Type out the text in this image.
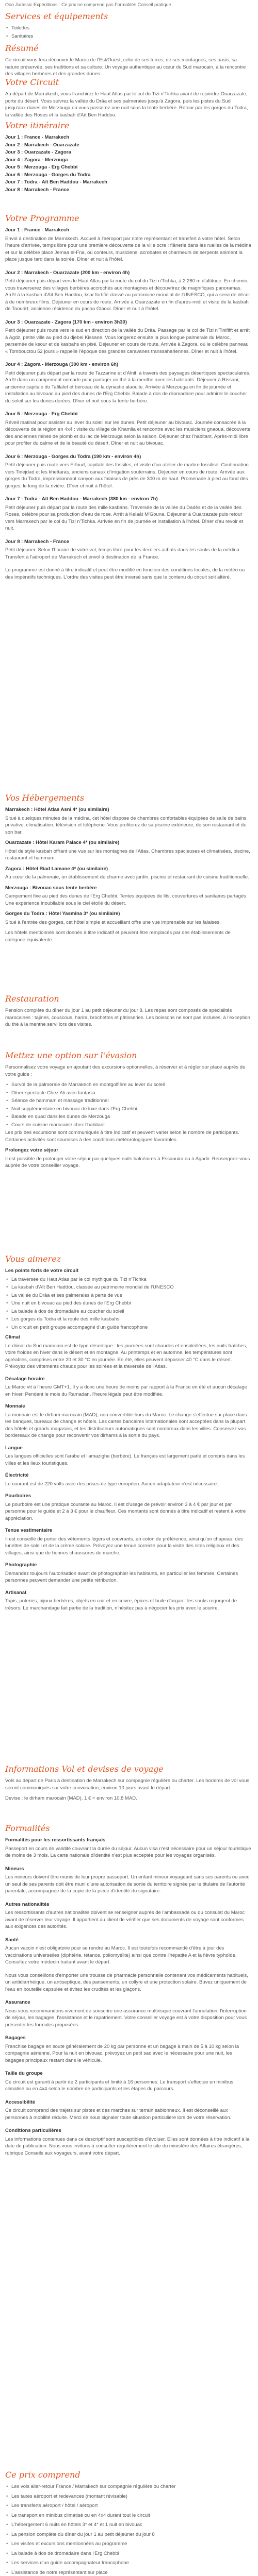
Ooo Jurassic Expéditions : Ce prix ne comprend pas Formalités Conseil pratique
Services et équipements
• Toilettes
• Sanitaires
Résumé
Ce circuit vous fera découvrir le Maroc de l'Est/Ouest, celui de ses terres, de ses montagnes, ses oasis, sa nature préservée, ses traditions et sa culture. Un voyage authentique au cœur du Sud marocain, à la rencontre des villages berbères et des grandes dunes.
Votre Circuit
Au départ de Marrakech, vous franchirez le Haut Atlas par le col du Tizi n'Tichka avant de rejoindre Ouarzazate, porte du désert. Vous suivrez la vallée du Drâa et ses palmeraies jusqu'à Zagora, puis les pistes du Sud jusqu'aux dunes de Merzouga où vous passerez une nuit sous la tente berbère. Retour par les gorges du Todra, la vallée des Roses et la kasbah d'Aït Ben Haddou.
Votre itinéraire
Jour 1 : France - Marrakech
Jour 2 : Marrakech - Ouarzazate
Jour 3 : Ouarzazate - Zagora
Jour 4 : Zagora - Merzouga
Jour 5 : Merzouga - Erg Chebbi
Jour 6 : Merzouga - Gorges du Todra
Jour 7 : Todra - Aït Ben Haddou - Marrakech
Jour 8 : Marrakech - France
Votre Programme
Jour 1 : France - Marrakech
Envol à destination de Marrakech. Accueil à l'aéroport par notre représentant et transfert à votre hôtel. Selon l'heure d'arrivée, temps libre pour une première découverte de la ville ocre : flânerie dans les ruelles de la médina et sur la célèbre place Jemaa el-Fna, où conteurs, musiciens, acrobates et charmeurs de serpents animent la place jusque tard dans la soirée. Dîner et nuit à l'hôtel.
Jour 2 : Marrakech - Ouarzazate (200 km - environ 4h)
Petit déjeuner puis départ vers le Haut Atlas par la route du col du Tizi n'Tichka, à 2 260 m d'altitude. En chemin, vous traverserez des villages berbères accrochés aux montagnes et découvrirez de magnifiques panoramas. Arrêt à la kasbah d'Aït Ben Haddou, ksar fortifié classé au patrimoine mondial de l'UNESCO, qui a servi de décor à de nombreux films. Déjeuner en cours de route. Arrivée à Ouarzazate en fin d'après-midi et visite de la kasbah de Taourirt, ancienne résidence du pacha Glaoui. Dîner et nuit à l'hôtel.
Jour 3 : Ouarzazate - Zagora (170 km - environ 3h30)
Petit déjeuner puis route vers le sud en direction de la vallée du Drâa. Passage par le col de Tizi n'Tinififft et arrêt à Agdz, petite ville au pied du djebel Kissane. Vous longerez ensuite la plus longue palmeraie du Maroc, parsemée de ksour et de kasbahs en pisé. Déjeuner en cours de route. Arrivée à Zagora, où le célèbre panneau « Tombouctou 52 jours » rappelle l'époque des grandes caravanes transsahariennes. Dîner et nuit à l'hôtel.
Jour 4 : Zagora - Merzouga (300 km - environ 6h)
Petit déjeuner puis départ par la route de Tazzarine et d'Alnif, à travers des paysages désertiques spectaculaires. Arrêt dans un campement nomade pour partager un thé à la menthe avec les habitants. Déjeuner à Rissani, ancienne capitale du Tafilalet et berceau de la dynastie alaouite. Arrivée à Merzouga en fin de journée et installation au bivouac au pied des dunes de l'Erg Chebbi. Balade à dos de dromadaire pour admirer le coucher du soleil sur les dunes dorées. Dîner et nuit sous la tente berbère.
Jour 5 : Merzouga - Erg Chebbi
Réveil matinal pour assister au lever du soleil sur les dunes. Petit déjeuner au bivouac. Journée consacrée à la découverte de la région en 4x4 : visite du village de Khamlia et rencontre avec les musiciens gnaoua, découverte des anciennes mines de plomb et du lac de Merzouga selon la saison. Déjeuner chez l'habitant. Après-midi libre pour profiter du calme et de la beauté du désert. Dîner et nuit au bivouac.
Jour 6 : Merzouga - Gorges du Todra (190 km - environ 4h)
Petit déjeuner puis route vers Erfoud, capitale des fossiles, et visite d'un atelier de marbre fossilisé. Continuation vers Tinejdad et les khettaras, anciens canaux d'irrigation souterrains. Déjeuner en cours de route. Arrivée aux gorges du Todra, impressionnant canyon aux falaises de près de 300 m de haut. Promenade à pied au fond des gorges, le long de la rivière. Dîner et nuit à l'hôtel.
Jour 7 : Todra - Aït Ben Haddou - Marrakech (380 km - environ 7h)
Petit déjeuner puis départ par la route des mille kasbahs. Traversée de la vallée du Dadès et de la vallée des Roses, célèbre pour sa production d'eau de rose. Arrêt à Kelaât M'Gouna. Déjeuner à Ouarzazate puis retour vers Marrakech par le col du Tizi n'Tichka. Arrivée en fin de journée et installation à l'hôtel. Dîner d'au revoir et nuit.
Jour 8 : Marrakech - France
Petit déjeuner. Selon l'horaire de votre vol, temps libre pour les derniers achats dans les souks de la médina. Transfert à l'aéroport de Marrakech et envol à destination de la France.
Le programme est donné à titre indicatif et peut être modifié en fonction des conditions locales, de la météo ou des impératifs techniques. L'ordre des visites peut être inversé sans que le contenu du circuit soit altéré.
Vos Hébergements
Marrakech : Hôtel Atlas Asni 4* (ou similaire)
Situé à quelques minutes de la médina, cet hôtel dispose de chambres confortables équipées de salle de bains privative, climatisation, télévision et téléphone. Vous profiterez de sa piscine extérieure, de son restaurant et de son bar.
Ouarzazate : Hôtel Karam Palace 4* (ou similaire)
Hôtel de style kasbah offrant une vue sur les montagnes de l'Atlas. Chambres spacieuses et climatisées, piscine, restaurant et hammam.
Zagora : Hôtel Riad Lamane 4* (ou similaire)
Au cœur de la palmeraie, un établissement de charme avec jardin, piscine et restaurant de cuisine traditionnelle.
Merzouga : Bivouac sous tente berbère
Campement fixe au pied des dunes de l'Erg Chebbi. Tentes équipées de lits, couvertures et sanitaires partagés. Une expérience inoubliable sous le ciel étoilé du désert.
Gorges du Todra : Hôtel Yasmina 3* (ou similaire)
Situé à l'entrée des gorges, cet hôtel simple et accueillant offre une vue imprenable sur les falaises.
Les hôtels mentionnés sont donnés à titre indicatif et peuvent être remplacés par des établissements de catégorie équivalente.
Restauration
Pension complète du dîner du jour 1 au petit déjeuner du jour 8. Les repas sont composés de spécialités marocaines : tajines, couscous, harira, brochettes et pâtisseries. Les boissons ne sont pas incluses, à l'exception du thé à la menthe servi lors des visites.
Mettez une option sur l'évasion
Personnalisez votre voyage en ajoutant des excursions optionnelles, à réserver et à régler sur place auprès de votre guide :
• Survol de la palmeraie de Marrakech en montgolfière au lever du soleil
• Dîner-spectacle Chez Ali avec fantasia
• Séance de hammam et massage traditionnel
• Nuit supplémentaire en bivouac de luxe dans l'Erg Chebbi
• Balade en quad dans les dunes de Merzouga
• Cours de cuisine marocaine chez l'habitant
Les prix des excursions sont communiqués à titre indicatif et peuvent varier selon le nombre de participants. Certaines activités sont soumises à des conditions météorologiques favorables.
Prolongez votre séjour
Il est possible de prolonger votre séjour par quelques nuits balnéaires à Essaouira ou à Agadir. Renseignez-vous auprès de votre conseiller voyage.
Vous aimerez
Les points forts de votre circuit
• La traversée du Haut Atlas par le col mythique du Tizi n'Tichka
• La kasbah d'Aït Ben Haddou, classée au patrimoine mondial de l'UNESCO
• La vallée du Drâa et ses palmeraies à perte de vue
• Une nuit en bivouac au pied des dunes de l'Erg Chebbi
• La balade à dos de dromadaire au coucher du soleil
• Les gorges du Todra et la route des mille kasbahs
• Un circuit en petit groupe accompagné d'un guide francophone
Climat
Le climat du Sud marocain est de type désertique : les journées sont chaudes et ensoleillées, les nuits fraîches, voire froides en hiver dans le désert et en montagne. Au printemps et en automne, les températures sont agréables, comprises entre 20 et 30 °C en journée. En été, elles peuvent dépasser 40 °C dans le désert. Prévoyez des vêtements chauds pour les soirées et la traversée de l'Atlas.
Décalage horaire
Le Maroc vit à l'heure GMT+1. Il y a donc une heure de moins par rapport à la France en été et aucun décalage en hiver. Pendant le mois du Ramadan, l'heure légale peut être modifiée.
Monnaie
La monnaie est le dirham marocain (MAD), non convertible hors du Maroc. Le change s'effectue sur place dans les banques, bureaux de change et hôtels. Les cartes bancaires internationales sont acceptées dans la plupart des hôtels et grands magasins, et les distributeurs automatiques sont nombreux dans les villes. Conservez vos bordereaux de change pour reconvertir vos dirhams à la sortie du pays.
Langue
Les langues officielles sont l'arabe et l'amazighe (berbère). Le français est largement parlé et compris dans les villes et les lieux touristiques.
Électricité
Le courant est de 220 volts avec des prises de type européen. Aucun adaptateur n'est nécessaire.
Pourboires
Le pourboire est une pratique courante au Maroc. Il est d'usage de prévoir environ 3 à 4 € par jour et par personne pour le guide et 2 à 3 € pour le chauffeur. Ces montants sont donnés à titre indicatif et restent à votre appréciation.
Tenue vestimentaire
Il est conseillé de porter des vêtements légers et couvrants, en coton de préférence, ainsi qu'un chapeau, des lunettes de soleil et de la crème solaire. Prévoyez une tenue correcte pour la visite des sites religieux et des villages, ainsi que de bonnes chaussures de marche.
Photographie
Demandez toujours l'autorisation avant de photographier les habitants, en particulier les femmes. Certaines personnes peuvent demander une petite rétribution.
Artisanat
Tapis, poteries, bijoux berbères, objets en cuir et en cuivre, épices et huile d'argan : les souks regorgent de trésors. Le marchandage fait partie de la tradition, n'hésitez pas à négocier les prix avec le sourire.
Informations Vol et devises de voyage
Vols au départ de Paris à destination de Marrakech sur compagnie régulière ou charter. Les horaires de vol vous seront communiqués sur votre convocation, environ 10 jours avant le départ.
Devise : le dirham marocain (MAD). 1 € = environ 10,8 MAD.
Formalités
Formalités pour les ressortissants français
Passeport en cours de validité couvrant la durée du séjour. Aucun visa n'est nécessaire pour un séjour touristique de moins de 3 mois. La carte nationale d'identité n'est plus acceptée pour les voyages organisés.
Mineurs
Les mineurs doivent être munis de leur propre passeport. Un enfant mineur voyageant sans ses parents ou avec un seul de ses parents doit être muni d'une autorisation de sortie du territoire signée par le titulaire de l'autorité parentale, accompagnée de la copie de la pièce d'identité du signataire.
Autres nationalités
Les ressortissants d'autres nationalités doivent se renseigner auprès de l'ambassade ou du consulat du Maroc avant de réserver leur voyage. Il appartient au client de vérifier que ses documents de voyage sont conformes aux exigences des autorités.
Santé
Aucun vaccin n'est obligatoire pour se rendre au Maroc. Il est toutefois recommandé d'être à jour des vaccinations universelles (diphtérie, tétanos, poliomyélite) ainsi que contre l'hépatite A et la fièvre typhoïde. Consultez votre médecin traitant avant le départ.
Nous vous conseillons d'emporter une trousse de pharmacie personnelle contenant vos médicaments habituels, un antidiarrhéique, un antiseptique, des pansements, un collyre et une protection solaire. Buvez uniquement de l'eau en bouteille capsulée et évitez les crudités et les glaçons.
Assurance
Nous vous recommandons vivement de souscrire une assurance multirisque couvrant l'annulation, l'interruption de séjour, les bagages, l'assistance et le rapatriement. Votre conseiller voyage est à votre disposition pour vous présenter les formules proposées.
Bagages
Franchise bagage en soute généralement de 20 kg par personne et un bagage à main de 5 à 10 kg selon la compagnie aérienne. Pour la nuit en bivouac, prévoyez un petit sac avec le nécessaire pour une nuit, les bagages principaux restant dans le véhicule.
Taille du groupe
Ce circuit est garanti à partir de 2 participants et limité à 16 personnes. Le transport s'effectue en minibus climatisé ou en 4x4 selon le nombre de participants et les étapes du parcours.
Accessibilité
Ce circuit comprend des trajets sur pistes et des marches sur terrain sablonneux. Il est déconseillé aux personnes à mobilité réduite. Merci de nous signaler toute situation particulière lors de votre réservation.
Conditions particulières
Les informations contenues dans ce descriptif sont susceptibles d'évoluer. Elles sont données à titre indicatif à la date de publication. Nous vous invitons à consulter régulièrement le site du ministère des Affaires étrangères, rubrique Conseils aux voyageurs, avant votre départ.
Ce prix comprend
• Les vols aller-retour France / Marrakech sur compagnie régulière ou charter
• Les taxes aéroport et redevances (montant révisable)
• Les transferts aéroport / hôtel / aéroport
• Le transport en minibus climatisé ou en 4x4 durant tout le circuit
• L'hébergement 6 nuits en hôtels 3* et 4* et 1 nuit en bivouac
• La pension complète du dîner du jour 1 au petit déjeuner du jour 8
• Les visites et excursions mentionnées au programme
• La balade à dos de dromadaire dans l'Erg Chebbi
• Les services d'un guide accompagnateur francophone
• L'assistance de notre représentant sur place
